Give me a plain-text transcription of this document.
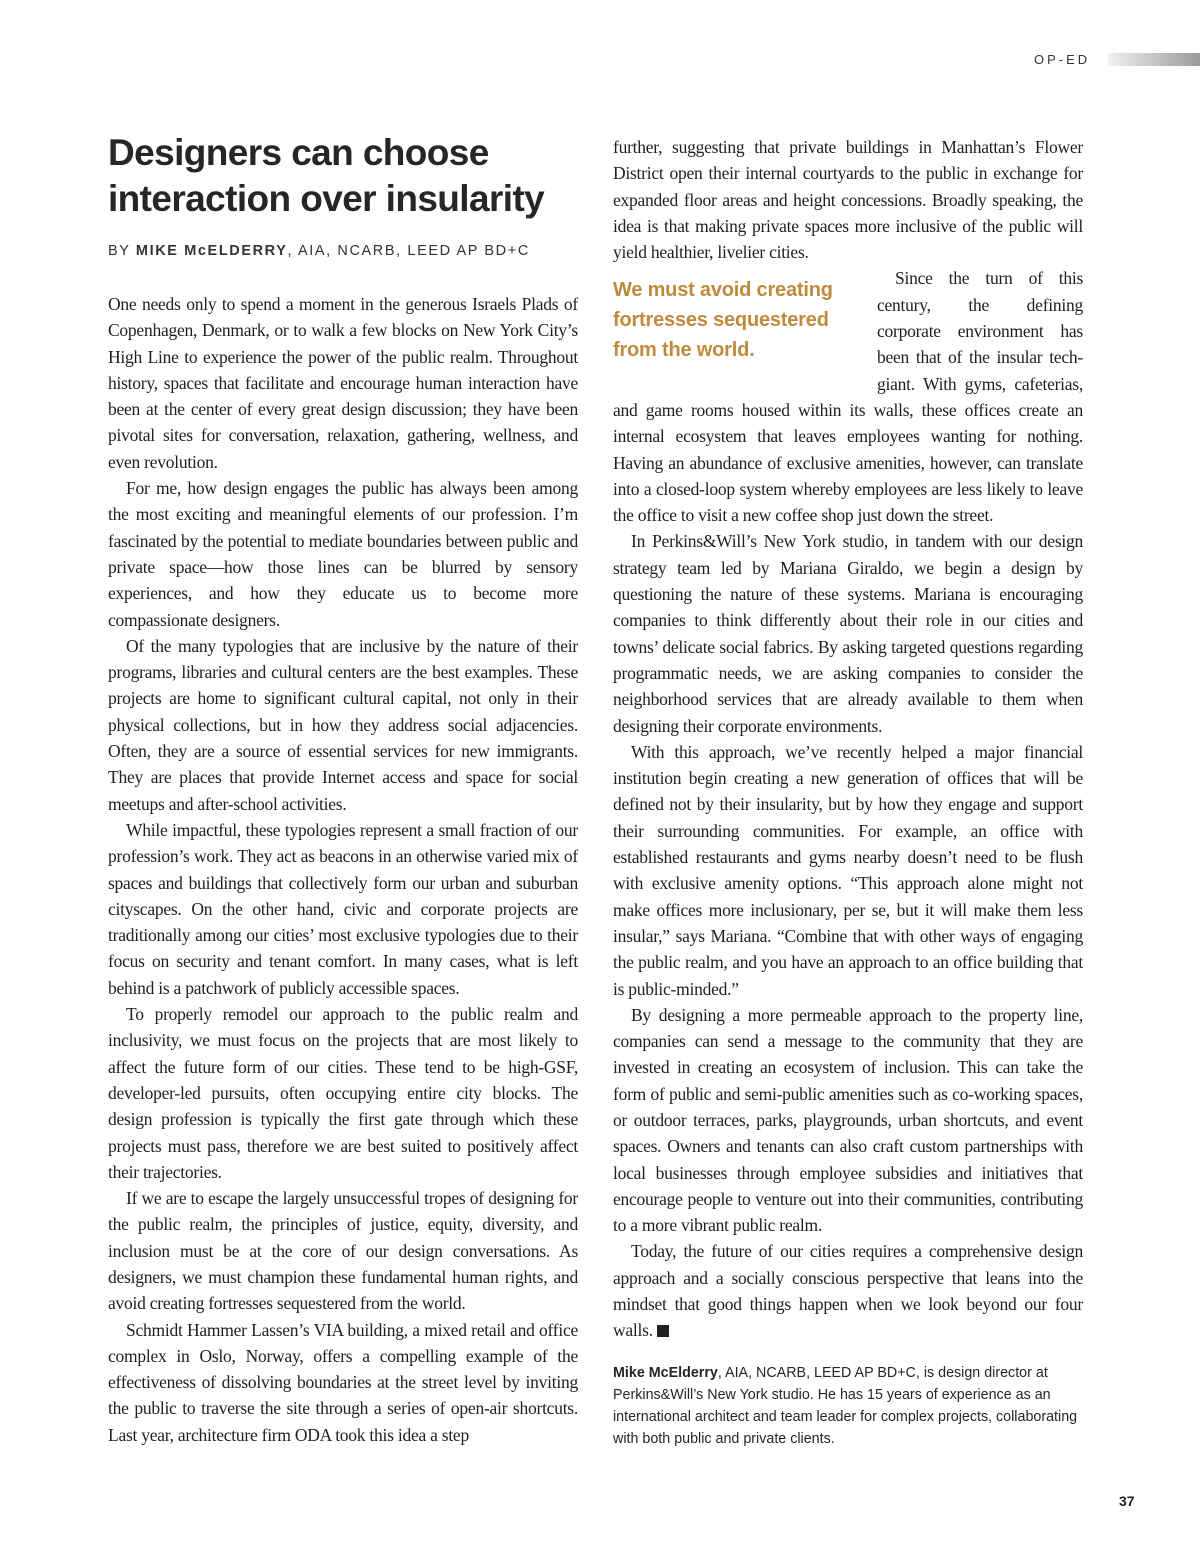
OP-ED
Designers can choose interaction over insularity
BY MIKE McELDERRY, AIA, NCARB, LEED AP BD+C

One needs only to spend a moment in the generous Israels Plads of Copenhagen, Denmark, or to walk a few blocks on New York City’s High Line to experience the power of the public realm. Throughout history, spaces that facilitate and encourage human interaction have been at the center of every great design discussion; they have been pivotal sites for conversation, relaxation, gathering, wellness, and even revolution.

For me, how design engages the public has always been among the most exciting and meaningful elements of our profession. I’m fascinated by the potential to mediate boundaries between public and private space—how those lines can be blurred by sensory experiences, and how they educate us to become more compassionate designers.

Of the many typologies that are inclusive by the nature of their programs, libraries and cultural centers are the best examples. These projects are home to significant cultural capital, not only in their physical collections, but in how they address social adjacencies. Often, they are a source of essential services for new immigrants. They are places that provide Internet access and space for social meetups and after-school activities.

While impactful, these typologies represent a small fraction of our profession’s work. They act as beacons in an otherwise varied mix of spaces and buildings that collectively form our urban and suburban cityscapes. On the other hand, civic and corporate projects are traditionally among our cities’ most exclusive typologies due to their focus on security and tenant comfort. In many cases, what is left behind is a patchwork of publicly accessible spaces.

To properly remodel our approach to the public realm and inclusivity, we must focus on the projects that are most likely to affect the future form of our cities. These tend to be high-GSF, developer-led pursuits, often occupying entire city blocks. The design profession is typically the first gate through which these projects must pass, therefore we are best suited to positively affect their trajectories.

If we are to escape the largely unsuccessful tropes of designing for the public realm, the principles of justice, equity, diversity, and inclusion must be at the core of our design conversations. As designers, we must champion these fundamental human rights, and avoid creating fortresses sequestered from the world.

Schmidt Hammer Lassen’s VIA building, a mixed retail and office complex in Oslo, Norway, offers a compelling example of the effectiveness of dissolving boundaries at the street level by inviting the public to traverse the site through a series of open-air shortcuts. Last year, architecture firm ODA took this idea a step

further, suggesting that private buildings in Manhattan’s Flower District open their internal courtyards to the public in exchange for expanded floor areas and height concessions. Broadly speaking, the idea is that making private spaces more inclusive of the public will yield healthier, livelier cities.

We must avoid creating fortresses sequestered from the world.

Since the turn of this century, the defining corporate environment has been that of the insular tech-giant. With gyms, cafeterias, and game rooms housed within its walls, these offices create an internal ecosystem that leaves employees wanting for nothing. Having an abundance of exclusive amenities, however, can translate into a closed-loop system whereby employees are less likely to leave the office to visit a new coffee shop just down the street.

In Perkins&Will’s New York studio, in tandem with our design strategy team led by Mariana Giraldo, we begin a design by questioning the nature of these systems. Mariana is encouraging companies to think differently about their role in our cities and towns’ delicate social fabrics. By asking targeted questions regarding programmatic needs, we are asking companies to consider the neighborhood services that are already available to them when designing their corporate environments.

With this approach, we’ve recently helped a major financial institution begin creating a new generation of offices that will be defined not by their insularity, but by how they engage and support their surrounding communities. For example, an office with established restaurants and gyms nearby doesn’t need to be flush with exclusive amenity options. “This approach alone might not make offices more inclusionary, per se, but it will make them less insular,” says Mariana. “Combine that with other ways of engaging the public realm, and you have an approach to an office building that is public-minded.”

By designing a more permeable approach to the property line, companies can send a message to the community that they are invested in creating an ecosystem of inclusion. This can take the form of public and semi-public amenities such as co-working spaces, or outdoor terraces, parks, playgrounds, urban shortcuts, and event spaces. Owners and tenants can also craft custom partnerships with local businesses through employee subsidies and initiatives that encourage people to venture out into their communities, contributing to a more vibrant public realm.

Today, the future of our cities requires a comprehensive design approach and a socially conscious perspective that leans into the mindset that good things happen when we look beyond our four walls.

Mike McElderry, AIA, NCARB, LEED AP BD+C, is design director at Perkins&Will’s New York studio. He has 15 years of experience as an international architect and team leader for complex projects, collaborating with both public and private clients.
37
